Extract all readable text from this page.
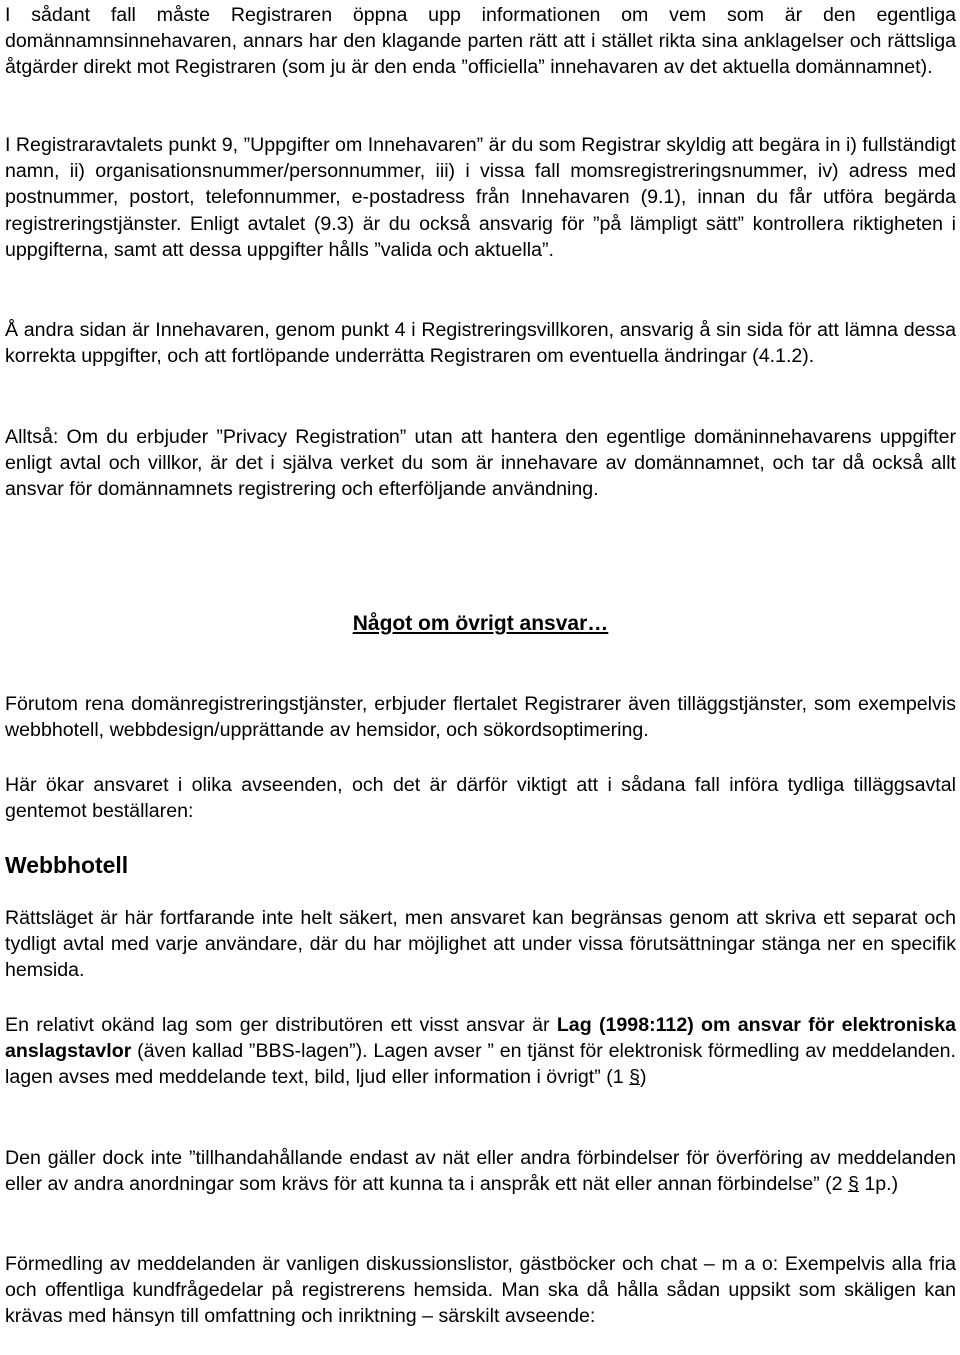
I sådant fall måste Registraren öppna upp informationen om vem som är den egentliga domännamnsinnehavaren, annars har den klagande parten rätt att i stället rikta sina anklagelser och rättsliga åtgärder direkt mot Registraren (som ju är den enda ”officiella” innehavaren av det aktuella domännamnet).

I Registraravtalets punkt 9, ”Uppgifter om Innehavaren” är du som Registrar skyldig att begära in i) fullständigt namn, ii) organisationsnummer/personnummer, iii) i vissa fall momsregistreringsnummer, iv) adress med postnummer, postort, telefonnummer, e-postadress från Innehavaren (9.1), innan du får utföra begärda registreringstjänster. Enligt avtalet (9.3) är du också ansvarig för ”på lämpligt sätt” kontrollera riktigheten i uppgifterna, samt att dessa uppgifter hålls ”valida och aktuella”.

Å andra sidan är Innehavaren, genom punkt 4 i Registreringsvillkoren, ansvarig å sin sida för att lämna dessa korrekta uppgifter, och att fortlöpande underrätta Registraren om eventuella ändringar (4.1.2).

Alltså: Om du erbjuder ”Privacy Registration” utan att hantera den egentlige domäninnehavarens uppgifter enligt avtal och villkor, är det i själva verket du som är innehavare av domännamnet, och tar då också allt ansvar för domännamnets registrering och efterföljande användning.

Något om övrigt ansvar…

Förutom rena domänregistreringstjänster, erbjuder flertalet Registrarer även tilläggstjänster, som exempelvis webbhotell, webbdesign/upprättande av hemsidor, och sökordsoptimering.

Här ökar ansvaret i olika avseenden, och det är därför viktigt att i sådana fall införa tydliga tilläggsavtal gentemot beställaren:

Webbhotell

Rättsläget är här fortfarande inte helt säkert, men ansvaret kan begränsas genom att skriva ett separat och tydligt avtal med varje användare, där du har möjlighet att under vissa förutsättningar stänga ner en specifik hemsida.

En relativt okänd lag som ger distributören ett visst ansvar är Lag (1998:112) om ansvar för elektroniska anslagstavlor (även kallad ”BBS-lagen”). Lagen avser ” en tjänst för elektronisk förmedling av meddelanden. lagen avses med meddelande text, bild, ljud eller information i övrigt” (1 §)

Den gäller dock inte ”tillhandahållande endast av nät eller andra förbindelser för överföring av meddelanden eller av andra anordningar som krävs för att kunna ta i anspråk ett nät eller annan förbindelse” (2 § 1p.)

Förmedling av meddelanden är vanligen diskussionslistor, gästböcker och chat – m a o: Exempelvis alla fria och offentliga kundfrågedelar på registrerens hemsida. Man ska då hålla sådan uppsikt som skäligen kan krävas med hänsyn till omfattning och inriktning – särskilt avseende:
